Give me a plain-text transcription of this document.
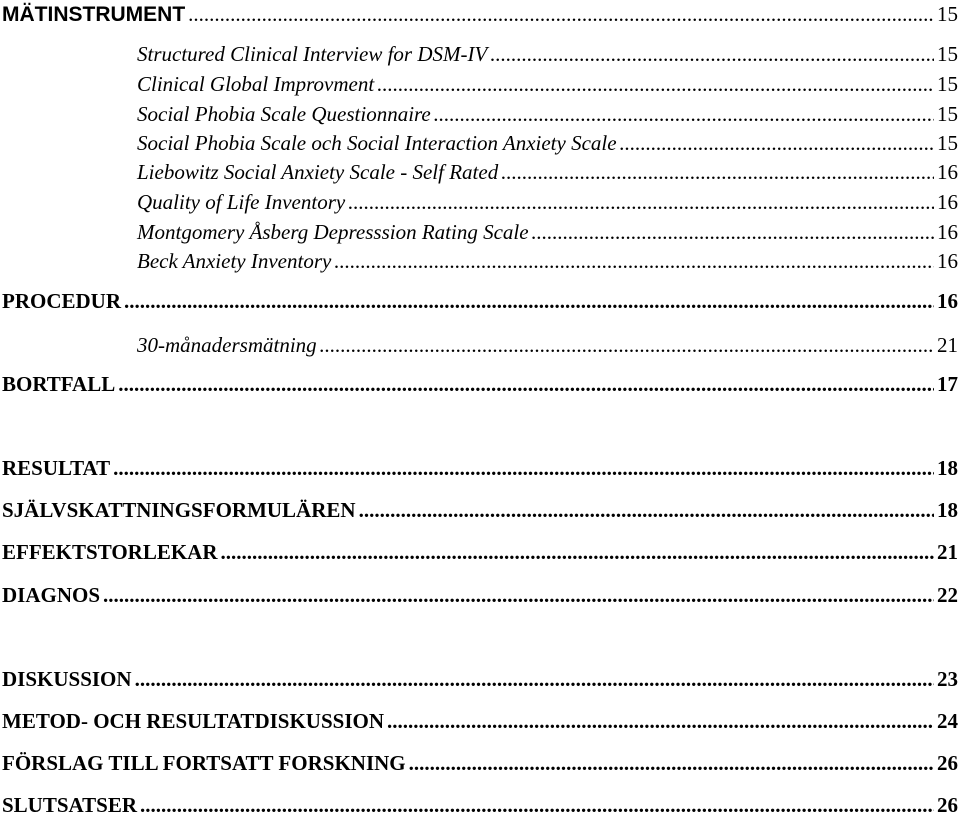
MÄTINSTRUMENT .....	15
Structured Clinical Interview for DSM-IV .....	15
Clinical Global Improvment .....	15
Social Phobia Scale Questionnaire .....	15
Social Phobia Scale och Social Interaction Anxiety Scale .....	15
Liebowitz Social Anxiety Scale - Self Rated .....	16
Quality of Life Inventory .....	16
Montgomery Åsberg Depresssion Rating Scale .....	16
Beck Anxiety Inventory .....	16
PROCEDUR .....	16
30-månadersmätning .....	21
BORTFALL .....	17
RESULTAT .....	18
SJÄLVSKATTNINGSFORMULÄREN .....	18
EFFEKTSTORLEKAR .....	21
DIAGNOS .....	22
DISKUSSION .....	23
METOD- OCH RESULTATDISKUSSION .....	24
FÖRSLAG TILL FORTSATT FORSKNING .....	26
SLUTSATSER .....	26
